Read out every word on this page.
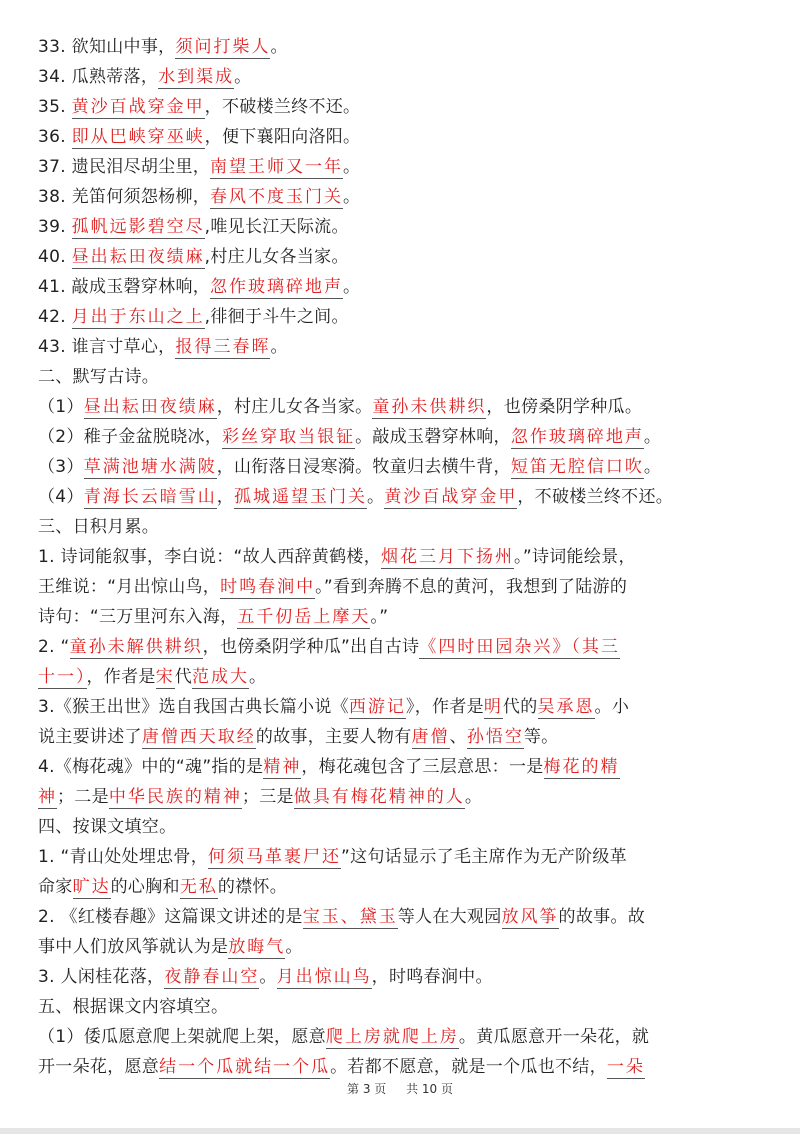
33. 欲知山中事，须问打柴人。
34. 瓜熟蒂落，水到渠成。
35. 黄沙百战穿金甲，不破楼兰终不还。
36. 即从巴峡穿巫峡，便下襄阳向洛阳。
37. 遗民泪尽胡尘里，南望王师又一年。
38. 羌笛何须怨杨柳，春风不度玉门关。
39. 孤帆远影碧空尽,唯见长江天际流。
40. 昼出耘田夜绩麻,村庄儿女各当家。
41. 敲成玉磬穿林响，忽作玻璃碎地声。
42. 月出于东山之上,徘徊于斗牛之间。
43. 谁言寸草心，报得三春晖。
二、默写古诗。
（1）昼出耘田夜绩麻，村庄儿女各当家。童孙未供耕织，也傍桑阴学种瓜。
（2）稚子金盆脱晓冰，彩丝穿取当银钲。敲成玉磬穿林响，忽作玻璃碎地声。
（3）草满池塘水满陂，山衔落日浸寒漪。牧童归去横牛背，短笛无腔信口吹。
（4）青海长云暗雪山，孤城遥望玉门关。黄沙百战穿金甲，不破楼兰终不还。
三、日积月累。
1. 诗词能叙事，李白说：“故人西辞黄鹤楼，烟花三月下扬州。”诗词能绘景，
王维说：“月出惊山鸟，时鸣春涧中。”看到奔腾不息的黄河，我想到了陆游的
诗句：“三万里河东入海，五千仞岳上摩天。”
2. “童孙未解供耕织，也傍桑阴学种瓜”出自古诗《四时田园杂兴》（其三
十一），作者是宋代范成大。
3.《猴王出世》选自我国古典长篇小说《西游记》，作者是明代的吴承恩。小
说主要讲述了唐僧西天取经的故事，主要人物有唐僧、孙悟空等。
4.《梅花魂》中的“魂”指的是精神，梅花魂包含了三层意思：一是梅花的精
神；二是中华民族的精神；三是做具有梅花精神的人。
四、按课文填空。
1. “青山处处埋忠骨，何须马革裹尸还”这句话显示了毛主席作为无产阶级革
命家旷达的心胸和无私的襟怀。
2. 《红楼春趣》这篇课文讲述的是宝玉、黛玉等人在大观园放风筝的故事。故
事中人们放风筝就认为是放晦气。
3. 人闲桂花落，夜静春山空。月出惊山鸟，时鸣春涧中。
五、根据课文内容填空。
（1）倭瓜愿意爬上架就爬上架，愿意爬上房就爬上房。黄瓜愿意开一朵花，就
开一朵花，愿意结一个瓜就结一个瓜。若都不愿意，就是一个瓜也不结，一朵
第 3 页 共 10 页
